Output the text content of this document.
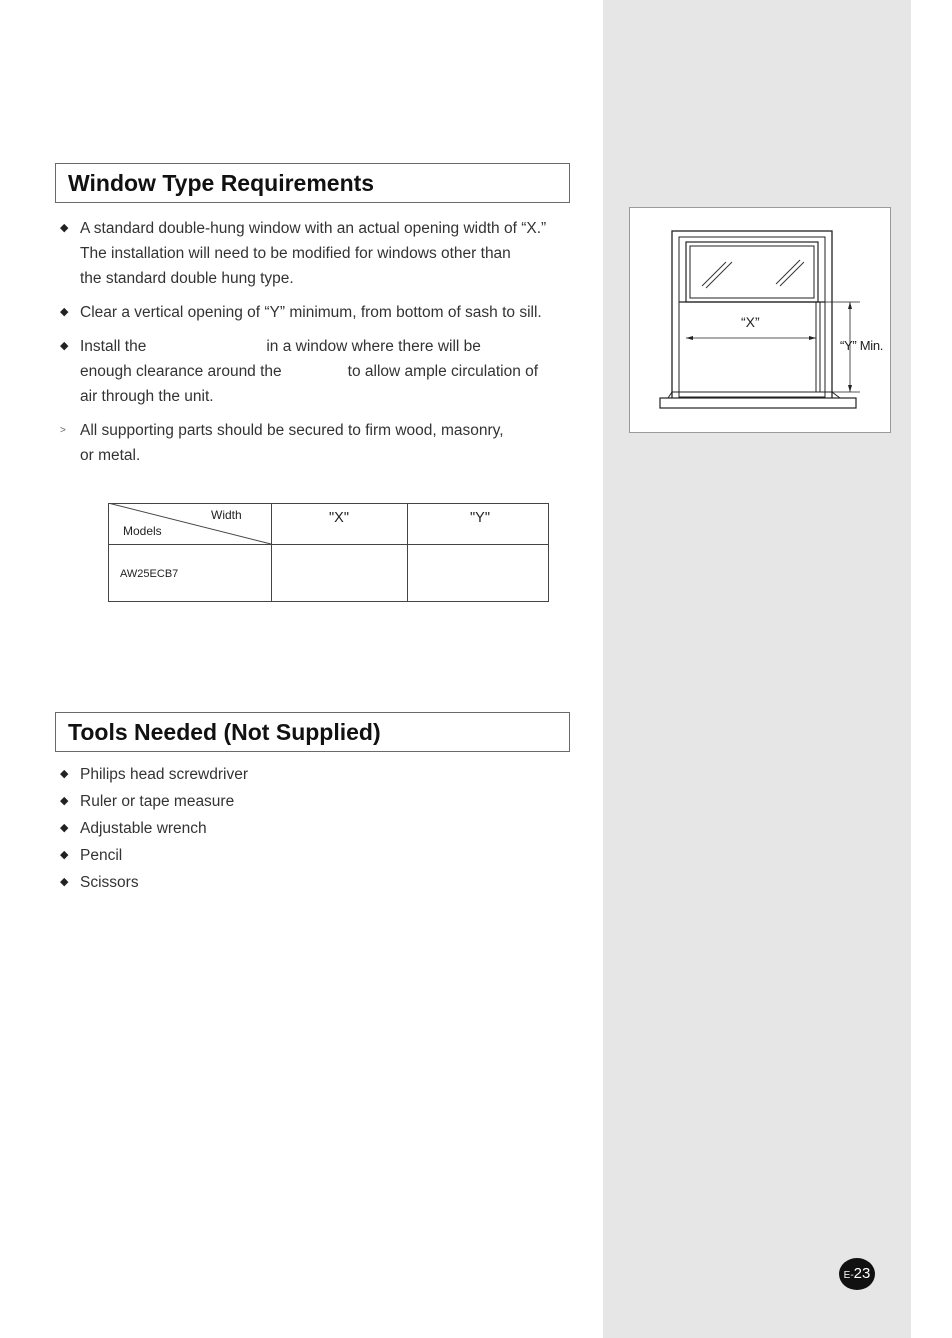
Window Type Requirements
◆ A standard double-hung window with an actual opening width of “X.”
The installation will need to be modified for windows other than
the standard double hung type.
◆ Clear a vertical opening of “Y” minimum, from bottom of sash to sill.
◆ Install the	in a window where there will be
enough clearance around the	to allow ample circulation of
air through the unit.
> All supporting parts should be secured to firm wood, masonry,
or metal.
Width
Models
"X"	"Y"
AW25ECB7
“X”
“Y” Min.
Tools Needed (Not Supplied)
◆ Philips head screwdriver
◆ Ruler or tape measure
◆ Adjustable wrench
◆ Pencil
◆ Scissors
E-23
